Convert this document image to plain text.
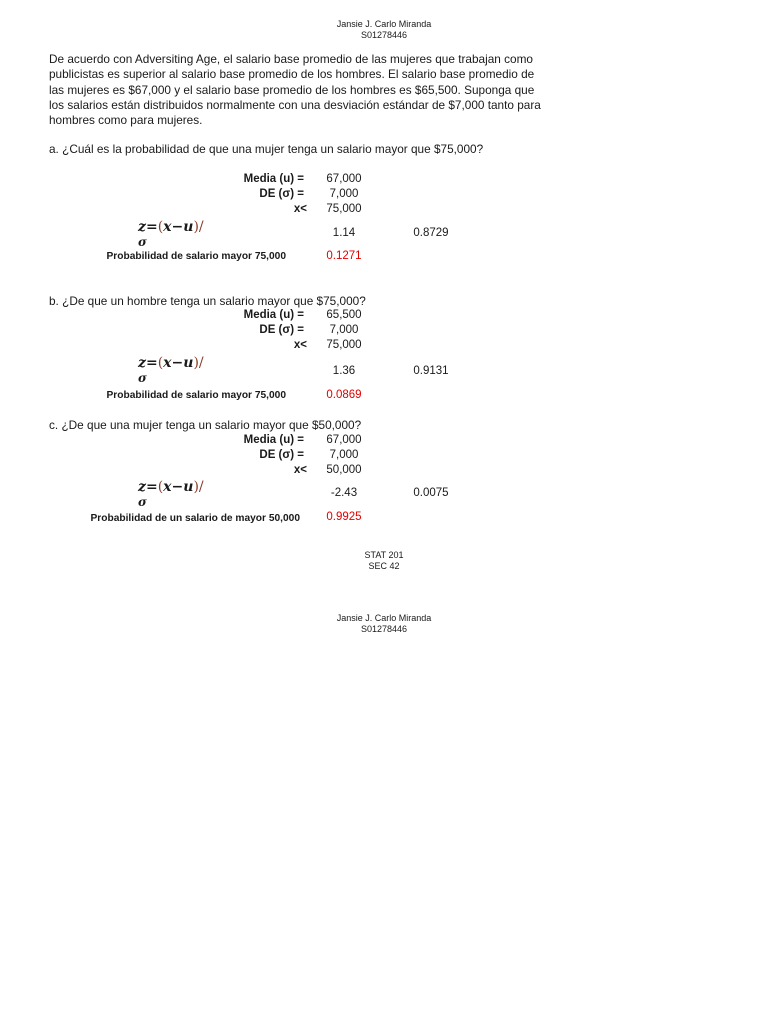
Jansie J. Carlo Miranda
S01278446
De acuerdo con Adversiting Age, el salario base promedio de las mujeres que trabajan como publicistas es superior al salario base promedio de los hombres. El salario base promedio de las mujeres es $67,000 y el salario base promedio de los hombres es $65,500. Suponga que los salarios están distribuidos normalmente con una desviación estándar de $7,000 tanto para hombres como para mujeres.
a. ¿Cuál es la probabilidad de que una mujer tenga un salario mayor que $75,000?
Media (u) =	67,000
DE (σ) =	7,000
x<	75,000
z=(x−u)/
σ
1.14	0.8729
Probabilidad de salario mayor 75,000	0.1271
b. ¿De que un hombre tenga un salario mayor que $75,000?
Media (u) =	65,500
DE (σ) =	7,000
x<	75,000
z=(x−u)/
σ	1.36	0.9131
Probabilidad de salario mayor 75,000	0.0869
c. ¿De que una mujer tenga un salario mayor que $50,000?
Media (u) =	67,000
DE (σ) =	7,000
x<	50,000
z=(x−u)/
σ
-2.43	0.0075
Probabilidad de un salario de mayor 50,000	0.9925
STAT 201
SEC 42
Jansie J. Carlo Miranda
S01278446
